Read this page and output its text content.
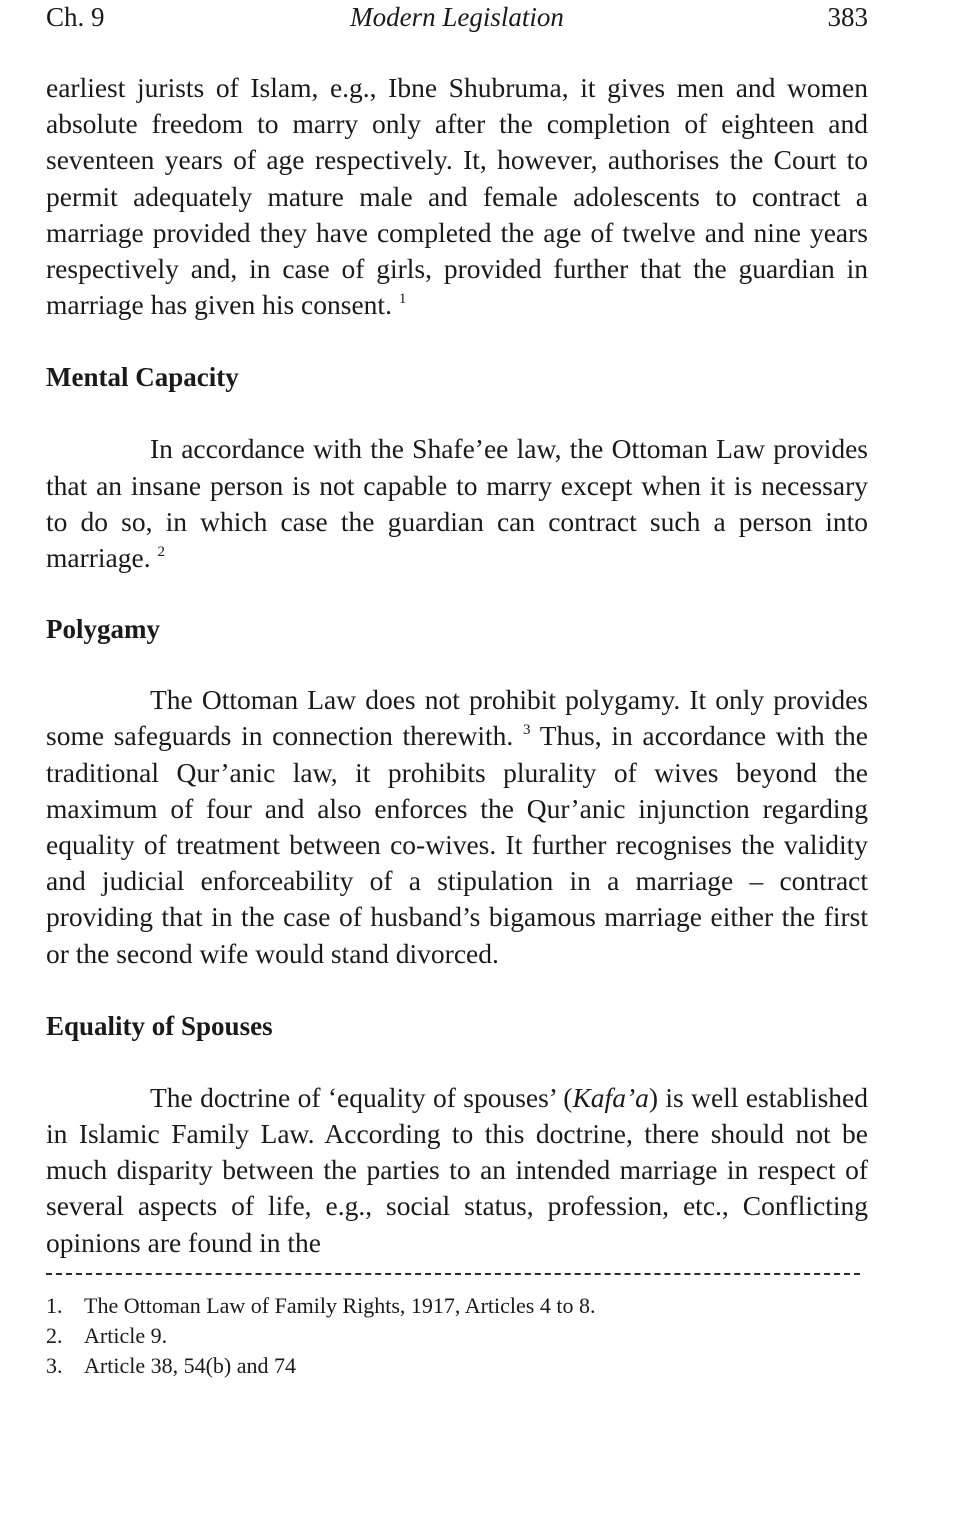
Ch. 9	Modern Legislation	383

earliest jurists of Islam, e.g., Ibne Shubruma, it gives men and women absolute freedom to marry only after the completion of eighteen and seventeen years of age respectively. It, however, authorises the Court to permit adequately mature male and female adolescents to contract a marriage provided they have completed the age of twelve and nine years respectively and, in case of girls, provided further that the guardian in marriage has given his consent. $^1$

Mental Capacity

In accordance with the Shafe’ee law, the Ottoman Law provides that an insane person is not capable to marry except when it is necessary to do so, in which case the guardian can contract such a person into marriage. $^2$

Polygamy

The Ottoman Law does not prohibit polygamy. It only provides some safeguards in connection therewith. $^3$ Thus, in accordance with the traditional Qur’anic law, it prohibits plurality of wives beyond the maximum of four and also enforces the Qur’anic injunction regarding equality of treatment between co-wives. It further recognises the validity and judicial enforceability of a stipulation in a marriage – contract providing that in the case of husband’s bigamous marriage either the first or the second wife would stand divorced.

Equality of Spouses

The doctrine of ‘equality of spouses’ (Kafa’a) is well established in Islamic Family Law. According to this doctrine, there should not be much disparity between the parties to an intended marriage in respect of several aspects of life, e.g., social status, profession, etc., Conflicting opinions are found in the

1. The Ottoman Law of Family Rights, 1917, Articles 4 to 8.
2. Article 9.
3. Article 38, 54(b) and 74
